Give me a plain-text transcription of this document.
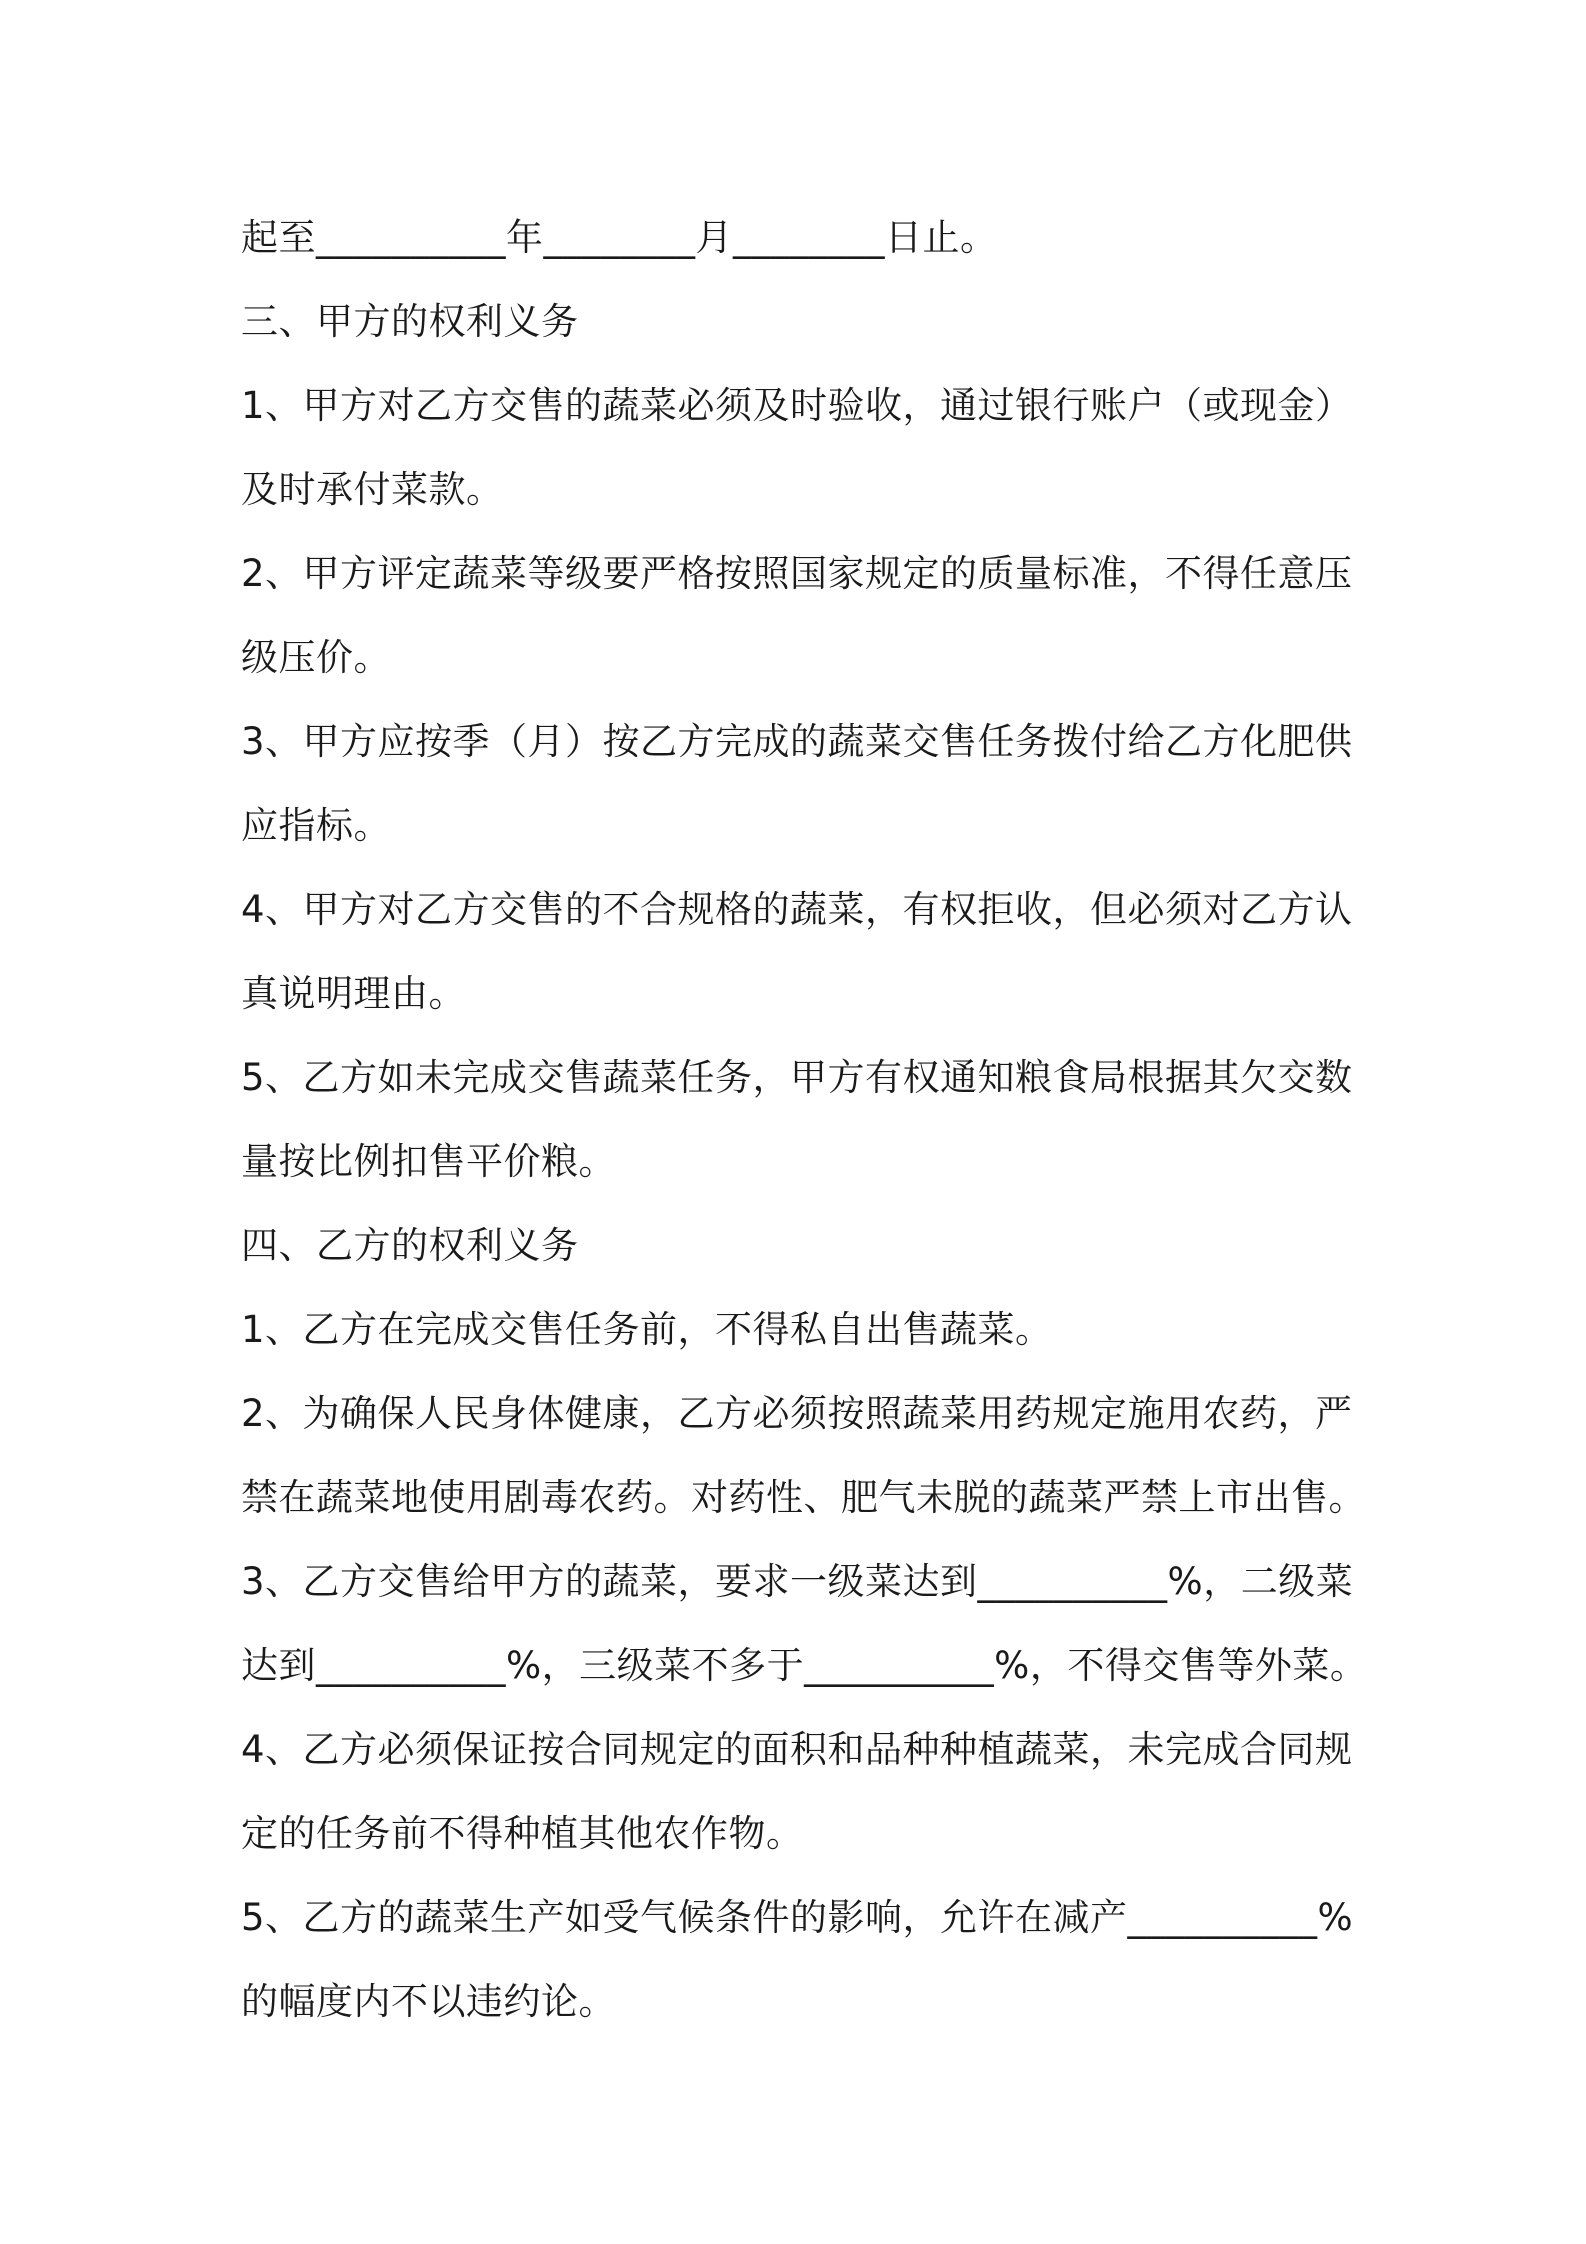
起至__________年________月________日止。
三、甲方的权利义务
1、甲方对乙方交售的蔬菜必须及时验收，通过银行账户（或现金）
及时承付菜款。
2、甲方评定蔬菜等级要严格按照国家规定的质量标准，不得任意压
级压价。
3、甲方应按季（月）按乙方完成的蔬菜交售任务拨付给乙方化肥供
应指标。
4、甲方对乙方交售的不合规格的蔬菜，有权拒收，但必须对乙方认
真说明理由。
5、乙方如未完成交售蔬菜任务，甲方有权通知粮食局根据其欠交数
量按比例扣售平价粮。
四、乙方的权利义务
1、乙方在完成交售任务前，不得私自出售蔬菜。
2、为确保人民身体健康，乙方必须按照蔬菜用药规定施用农药，严
禁在蔬菜地使用剧毒农药。对药性、肥气未脱的蔬菜严禁上市出售。
3、乙方交售给甲方的蔬菜，要求一级菜达到__________%，二级菜
达到__________%，三级菜不多于__________%，不得交售等外菜。
4、乙方必须保证按合同规定的面积和品种种植蔬菜，未完成合同规
定的任务前不得种植其他农作物。
5、乙方的蔬菜生产如受气候条件的影响，允许在减产__________%
的幅度内不以违约论。
